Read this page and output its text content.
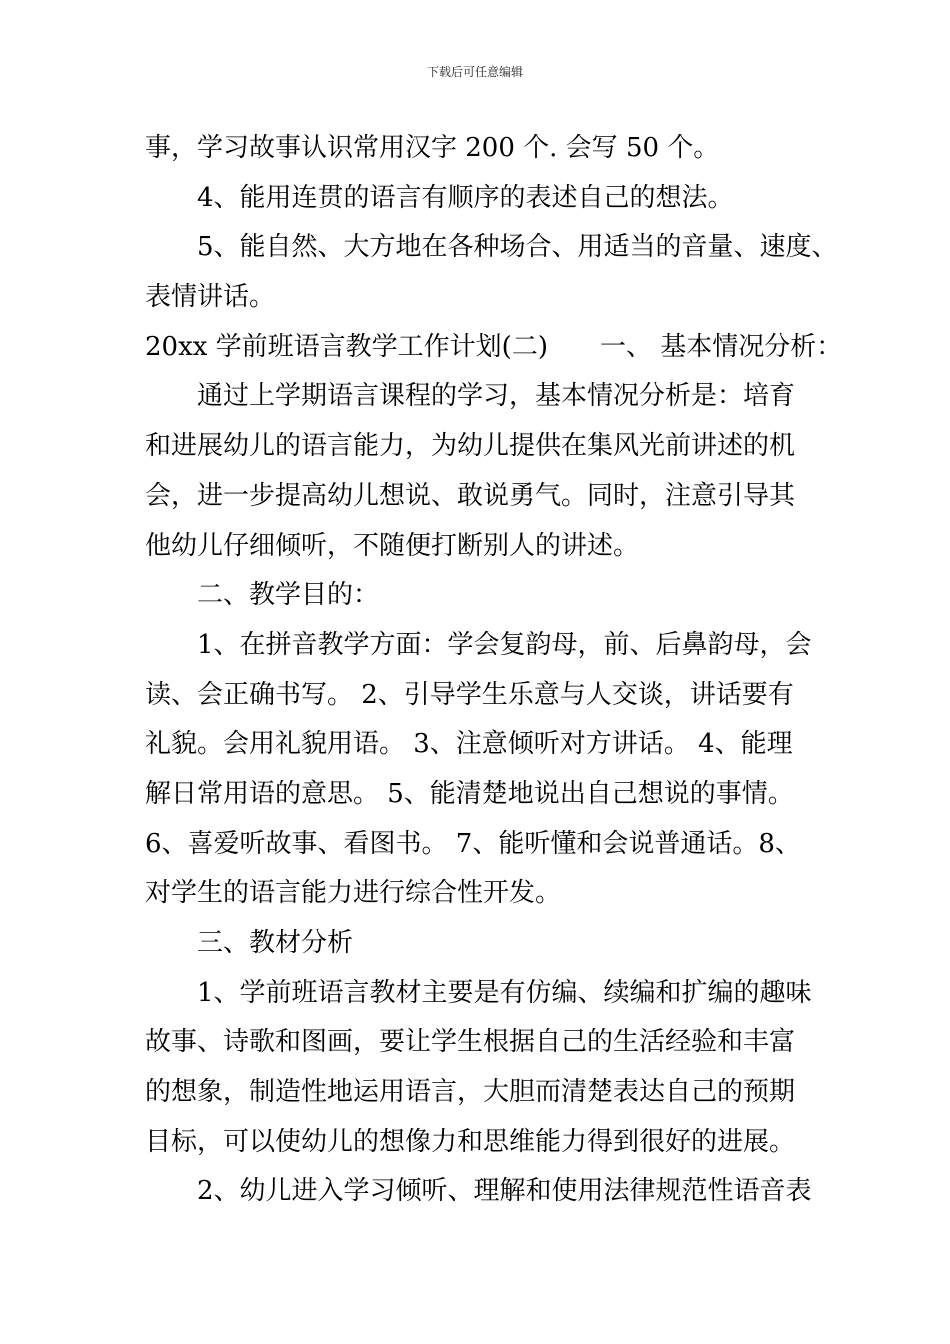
下载后可任意编辑
事，学习故事认识常用汉字 200 个. 会写 50 个。
4、能用连贯的语言有顺序的表述自己的想法。
5、能自然、大方地在各种场合、用适当的音量、速度、
表情讲话。
20xx 学前班语言教学工作计划(二)　　一、 基本情况分析：
通过上学期语言课程的学习，基本情况分析是：培育
和进展幼儿的语言能力，为幼儿提供在集风光前讲述的机
会，进一步提高幼儿想说、敢说勇气。同时，注意引导其
他幼儿仔细倾听，不随便打断别人的讲述。
二、教学目的：
1、在拼音教学方面：学会复韵母，前、后鼻韵母，会
读、会正确书写。 2、引导学生乐意与人交谈，讲话要有
礼貌。会用礼貌用语。 3、注意倾听对方讲话。 4、能理
解日常用语的意思。 5、能清楚地说出自己想说的事情。
6、喜爱听故事、看图书。 7、能听懂和会说普通话。8、
对学生的语言能力进行综合性开发。
三、教材分析
1、学前班语言教材主要是有仿编、续编和扩编的趣味
故事、诗歌和图画，要让学生根据自己的生活经验和丰富
的想象，制造性地运用语言，大胆而清楚表达自己的预期
目标，可以使幼儿的想像力和思维能力得到很好的进展。
2、幼儿进入学习倾听、理解和使用法律规范性语音表
